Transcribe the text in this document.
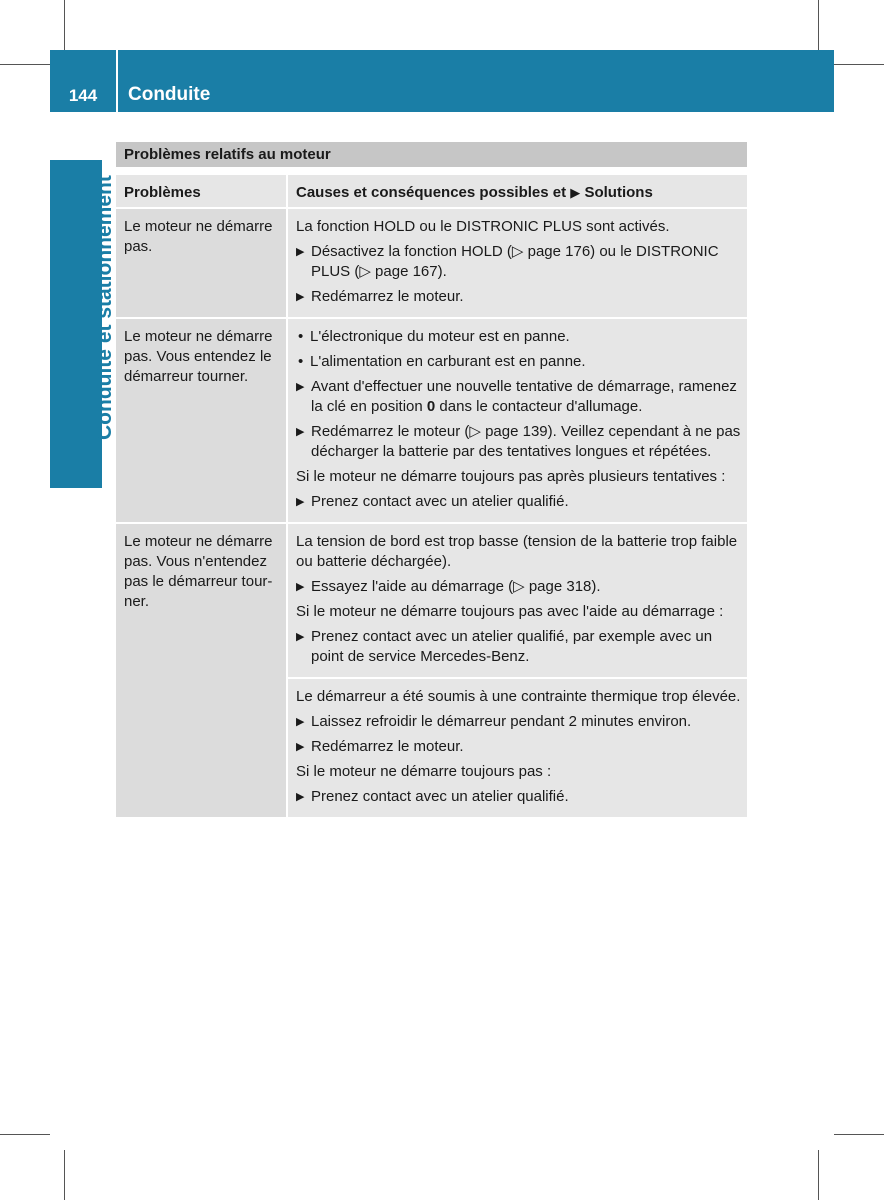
144	Conduite
Conduite et stationnement
Problèmes relatifs au moteur
Problèmes	Causes et conséquences possibles et ▶ Solutions
Le moteur ne démarre pas.
La fonction HOLD ou le DISTRONIC PLUS sont activés.
▶ Désactivez la fonction HOLD (▷ page 176) ou le DISTRONIC PLUS (▷ page 167).
▶ Redémarrez le moteur.
Le moteur ne démarre pas. Vous entendez le démarreur tourner.
• L'électronique du moteur est en panne.
• L'alimentation en carburant est en panne.
▶ Avant d'effectuer une nouvelle tentative de démarrage, ramenez la clé en position 0 dans le contacteur d'allumage.
▶ Redémarrez le moteur (▷ page 139). Veillez cependant à ne pas décharger la batterie par des tentatives longues et répétées.
Si le moteur ne démarre toujours pas après plusieurs tentatives :
▶ Prenez contact avec un atelier qualifié.
Le moteur ne démarre pas. Vous n'entendez pas le démarreur tour-ner.
La tension de bord est trop basse (tension de la batterie trop faible ou batterie déchargée).
▶ Essayez l'aide au démarrage (▷ page 318).
Si le moteur ne démarre toujours pas avec l'aide au démarrage :
▶ Prenez contact avec un atelier qualifié, par exemple avec un point de service Mercedes-Benz.
Le démarreur a été soumis à une contrainte thermique trop élevée.
▶ Laissez refroidir le démarreur pendant 2 minutes environ.
▶ Redémarrez le moteur.
Si le moteur ne démarre toujours pas :
▶ Prenez contact avec un atelier qualifié.
